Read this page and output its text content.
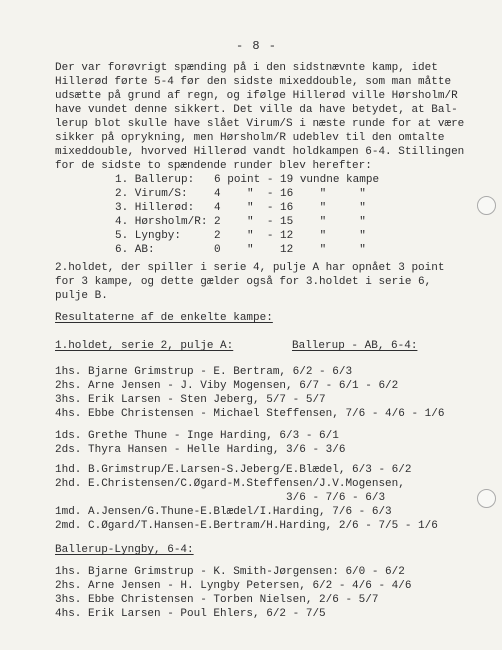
- 8 -
Der var forøvrigt spænding på i den sidstnævnte kamp, idet
Hillerød førte 5-4 før den sidste mixeddouble, som man måtte
udsætte på grund af regn, og ifølge Hillerød ville Hørsholm/R
have vundet denne sikkert. Det ville da have betydet, at Bal-
lerup blot skulle have slået Virum/S i næste runde for at være
sikker på oprykning, men Hørsholm/R udeblev til den omtalte
mixeddouble, hvorved Hillerød vandt holdkampen 6-4. Stillingen
for de sidste to spændende runder blev herefter:
1. Ballerup:   6 point - 19 vundne kampe
2. Virum/S:    4    "  - 16    "     "
3. Hillerød:   4    "  - 16    "     "
4. Hørsholm/R: 2    "  - 15    "     "
5. Lyngby:     2    "  - 12    "     "
6. AB:         0    "    12    "     "
2.holdet, der spiller i serie 4, pulje A har opnået 3 point
for 3 kampe, og dette gælder også for 3.holdet i serie 6,
pulje B.
Resultaterne af de enkelte kampe:
1.holdet, serie 2, pulje A:	Ballerup - AB, 6-4:
1hs. Bjarne Grimstrup - E. Bertram, 6/2 - 6/3
2hs. Arne Jensen - J. Viby Mogensen, 6/7 - 6/1 - 6/2
3hs. Erik Larsen - Sten Jeberg, 5/7 - 5/7
4hs. Ebbe Christensen - Michael Steffensen, 7/6 - 4/6 - 1/6
1ds. Grethe Thune - Inge Harding, 6/3 - 6/1
2ds. Thyra Hansen - Helle Harding, 3/6 - 3/6
1hd. B.Grimstrup/E.Larsen-S.Jeberg/E.Blædel, 6/3 - 6/2
2hd. E.Christensen/C.Øgard-M.Steffensen/J.V.Mogensen,
3/6 - 7/6 - 6/3
1md. A.Jensen/G.Thune-E.Blædel/I.Harding, 7/6 - 6/3
2md. C.Øgard/T.Hansen-E.Bertram/H.Harding, 2/6 - 7/5 - 1/6
Ballerup-Lyngby, 6-4:
1hs. Bjarne Grimstrup - K. Smith-Jørgensen: 6/0 - 6/2
2hs. Arne Jensen - H. Lyngby Petersen, 6/2 - 4/6 - 4/6
3hs. Ebbe Christensen - Torben Nielsen, 2/6 - 5/7
4hs. Erik Larsen - Poul Ehlers, 6/2 - 7/5
